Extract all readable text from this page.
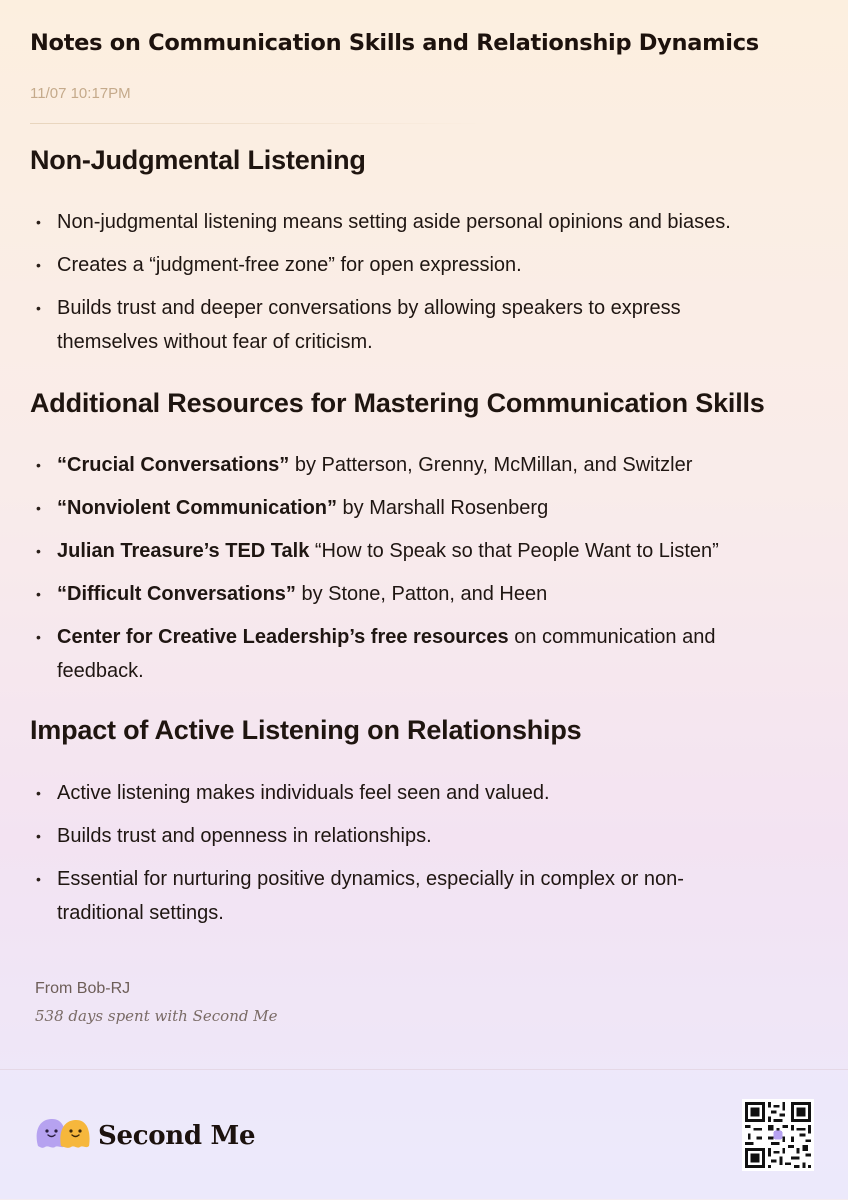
Notes on Communication Skills and Relationship Dynamics
11/07 10:17PM
Non-Judgmental Listening
• Non-judgmental listening means setting aside personal opinions and biases.
• Creates a “judgment-free zone” for open expression.
• Builds trust and deeper conversations by allowing speakers to express themselves without fear of criticism.
Additional Resources for Mastering Communication Skills
• “Crucial Conversations” by Patterson, Grenny, McMillan, and Switzler
• “Nonviolent Communication” by Marshall Rosenberg
• Julian Treasure’s TED Talk “How to Speak so that People Want to Listen”
• “Difficult Conversations” by Stone, Patton, and Heen
• Center for Creative Leadership’s free resources on communication and feedback.
Impact of Active Listening on Relationships
• Active listening makes individuals feel seen and valued.
• Builds trust and openness in relationships.
• Essential for nurturing positive dynamics, especially in complex or non-traditional settings.
From Bob-RJ
538 days spent with Second Me
Second Me
